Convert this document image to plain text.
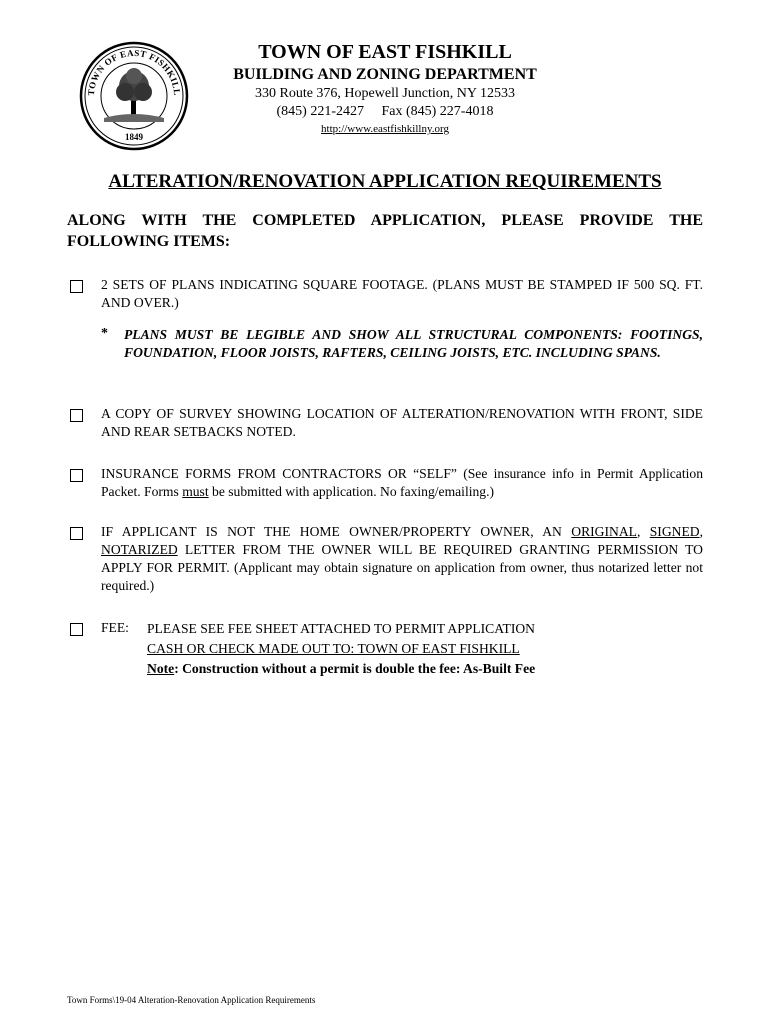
TOWN OF EAST FISHKILL
1849
TOWN OF EAST FISHKILL
BUILDING AND ZONING DEPARTMENT
330 Route 376, Hopewell Junction, NY 12533
(845) 221-2427     Fax (845) 227-4018
http://www.eastfishkillny.org
ALTERATION/RENOVATION APPLICATION REQUIREMENTS
ALONG WITH THE COMPLETED APPLICATION, PLEASE PROVIDE THE FOLLOWING ITEMS:
2 SETS OF PLANS INDICATING SQUARE FOOTAGE. (PLANS MUST BE STAMPED IF 500 SQ. FT. AND OVER.)
* PLANS MUST BE LEGIBLE AND SHOW ALL STRUCTURAL COMPONENTS: FOOTINGS, FOUNDATION, FLOOR JOISTS, RAFTERS, CEILING JOISTS, ETC. INCLUDING SPANS.
A COPY OF SURVEY SHOWING LOCATION OF ALTERATION/RENOVATION WITH FRONT, SIDE AND REAR SETBACKS NOTED.
INSURANCE FORMS FROM CONTRACTORS OR “SELF” (See insurance info in Permit Application Packet. Forms must be submitted with application. No faxing/emailing.)
IF APPLICANT IS NOT THE HOME OWNER/PROPERTY OWNER, AN ORIGINAL, SIGNED, NOTARIZED LETTER FROM THE OWNER WILL BE REQUIRED GRANTING PERMISSION TO APPLY FOR PERMIT. (Applicant may obtain signature on application from owner, thus notarized letter not required.)
FEE: PLEASE SEE FEE SHEET ATTACHED TO PERMIT APPLICATION
CASH OR CHECK MADE OUT TO: TOWN OF EAST FISHKILL
Note: Construction without a permit is double the fee: As-Built Fee
Town Forms\19-04 Alteration-Renovation Application Requirements
